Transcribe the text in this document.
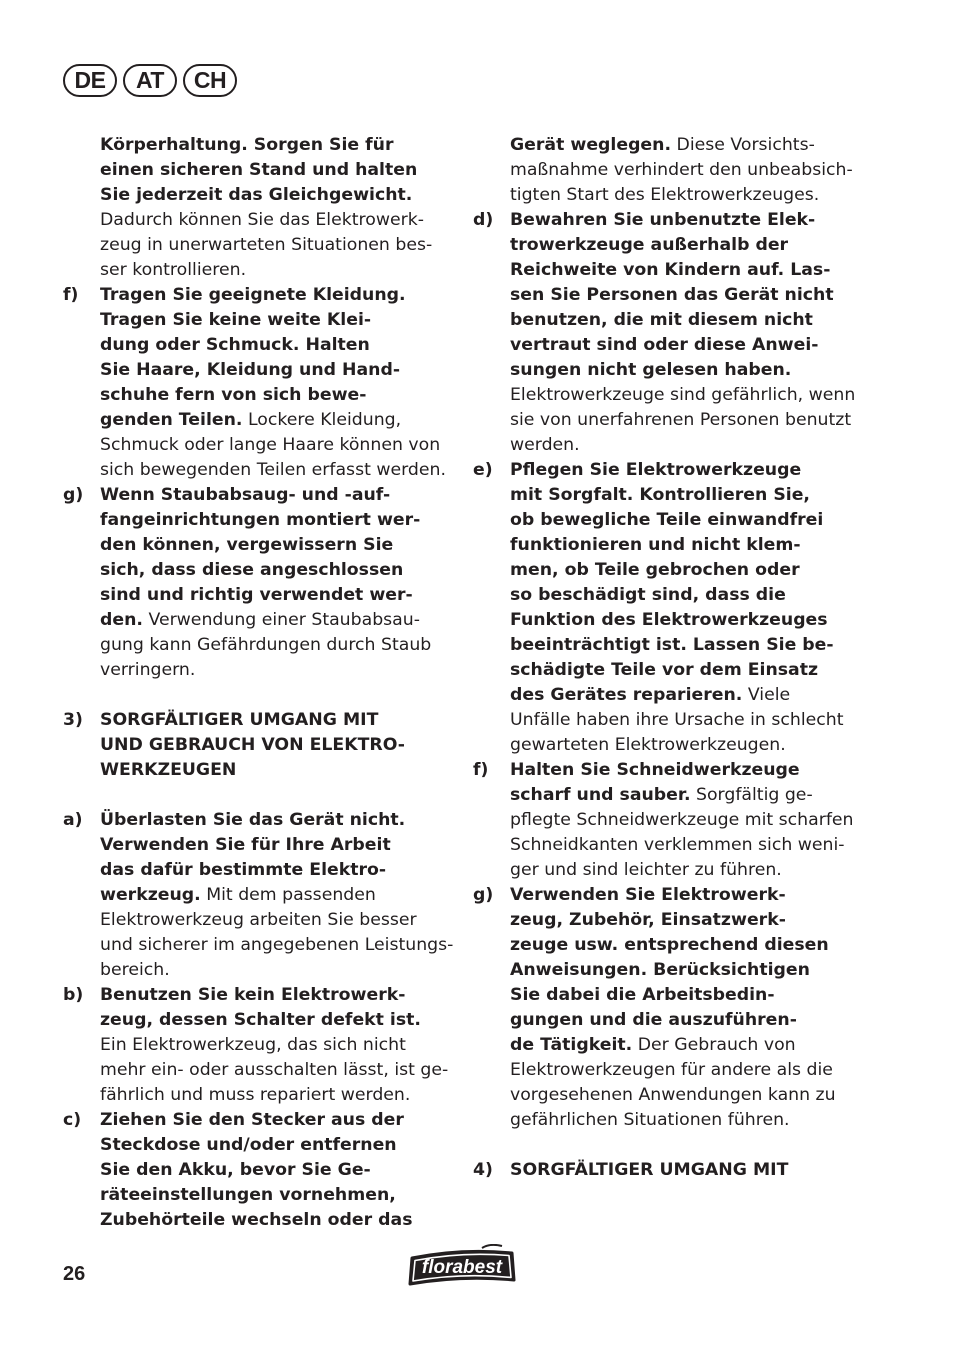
DE	AT	CH
Körperhaltung. Sorgen Sie für
einen sicheren Stand und halten
Sie jederzeit das Gleichgewicht.
Dadurch können Sie das Elektrowerk-
zeug in unerwarteten Situationen bes-
ser kontrollieren.
f) Tragen Sie geeignete Kleidung.
Tragen Sie keine weite Klei-
dung oder Schmuck. Halten
Sie Haare, Kleidung und Hand-
schuhe fern von sich bewe-
genden Teilen. Lockere Kleidung,
Schmuck oder lange Haare können von
sich bewegenden Teilen erfasst werden.
g) Wenn Staubabsaug- und -auf-
fangeinrichtungen montiert wer-
den können, vergewissern Sie
sich, dass diese angeschlossen
sind und richtig verwendet wer-
den. Verwendung einer Staubabsau-
gung kann Gefährdungen durch Staub
verringern.
3) SORGFÄLTIGER UMGANG MIT
UND GEBRAUCH VON ELEKTRO-
WERKZEUGEN
a) Überlasten Sie das Gerät nicht.
Verwenden Sie für Ihre Arbeit
das dafür bestimmte Elektro-
werkzeug. Mit dem passenden
Elektrowerkzeug arbeiten Sie besser
und sicherer im angegebenen Leistungs-
bereich.
b) Benutzen Sie kein Elektrowerk-
zeug, dessen Schalter defekt ist.
Ein Elektrowerkzeug, das sich nicht
mehr ein- oder ausschalten lässt, ist ge-
fährlich und muss repariert werden.
c) Ziehen Sie den Stecker aus der
Steckdose und/oder entfernen
Sie den Akku, bevor Sie Ge-
räteeinstellungen vornehmen,
Zubehörteile wechseln oder das
Gerät weglegen. Diese Vorsichts-
maßnahme verhindert den unbeabsich-
tigten Start des Elektrowerkzeuges.
d) Bewahren Sie unbenutzte Elek-
trowerkzeuge außerhalb der
Reichweite von Kindern auf. Las-
sen Sie Personen das Gerät nicht
benutzen, die mit diesem nicht
vertraut sind oder diese Anwei-
sungen nicht gelesen haben.
Elektrowerkzeuge sind gefährlich, wenn
sie von unerfahrenen Personen benutzt
werden.
e) Pflegen Sie Elektrowerkzeuge
mit Sorgfalt. Kontrollieren Sie,
ob bewegliche Teile einwandfrei
funktionieren und nicht klem-
men, ob Teile gebrochen oder
so beschädigt sind, dass die
Funktion des Elektrowerkzeuges
beeinträchtigt ist. Lassen Sie be-
schädigte Teile vor dem Einsatz
des Gerätes reparieren. Viele
Unfälle haben ihre Ursache in schlecht
gewarteten Elektrowerkzeugen.
f) Halten Sie Schneidwerkzeuge
scharf und sauber. Sorgfältig ge-
pflegte Schneidwerkzeuge mit scharfen
Schneidkanten verklemmen sich weni-
ger und sind leichter zu führen.
g) Verwenden Sie Elektrowerk-
zeug, Zubehör, Einsatzwerk-
zeuge usw. entsprechend diesen
Anweisungen. Berücksichtigen
Sie dabei die Arbeitsbedin-
gungen und die auszuführen-
de Tätigkeit. Der Gebrauch von
Elektrowerkzeugen für andere als die
vorgesehenen Anwendungen kann zu
gefährlichen Situationen führen.
4) SORGFÄLTIGER UMGANG MIT
26	florabest
